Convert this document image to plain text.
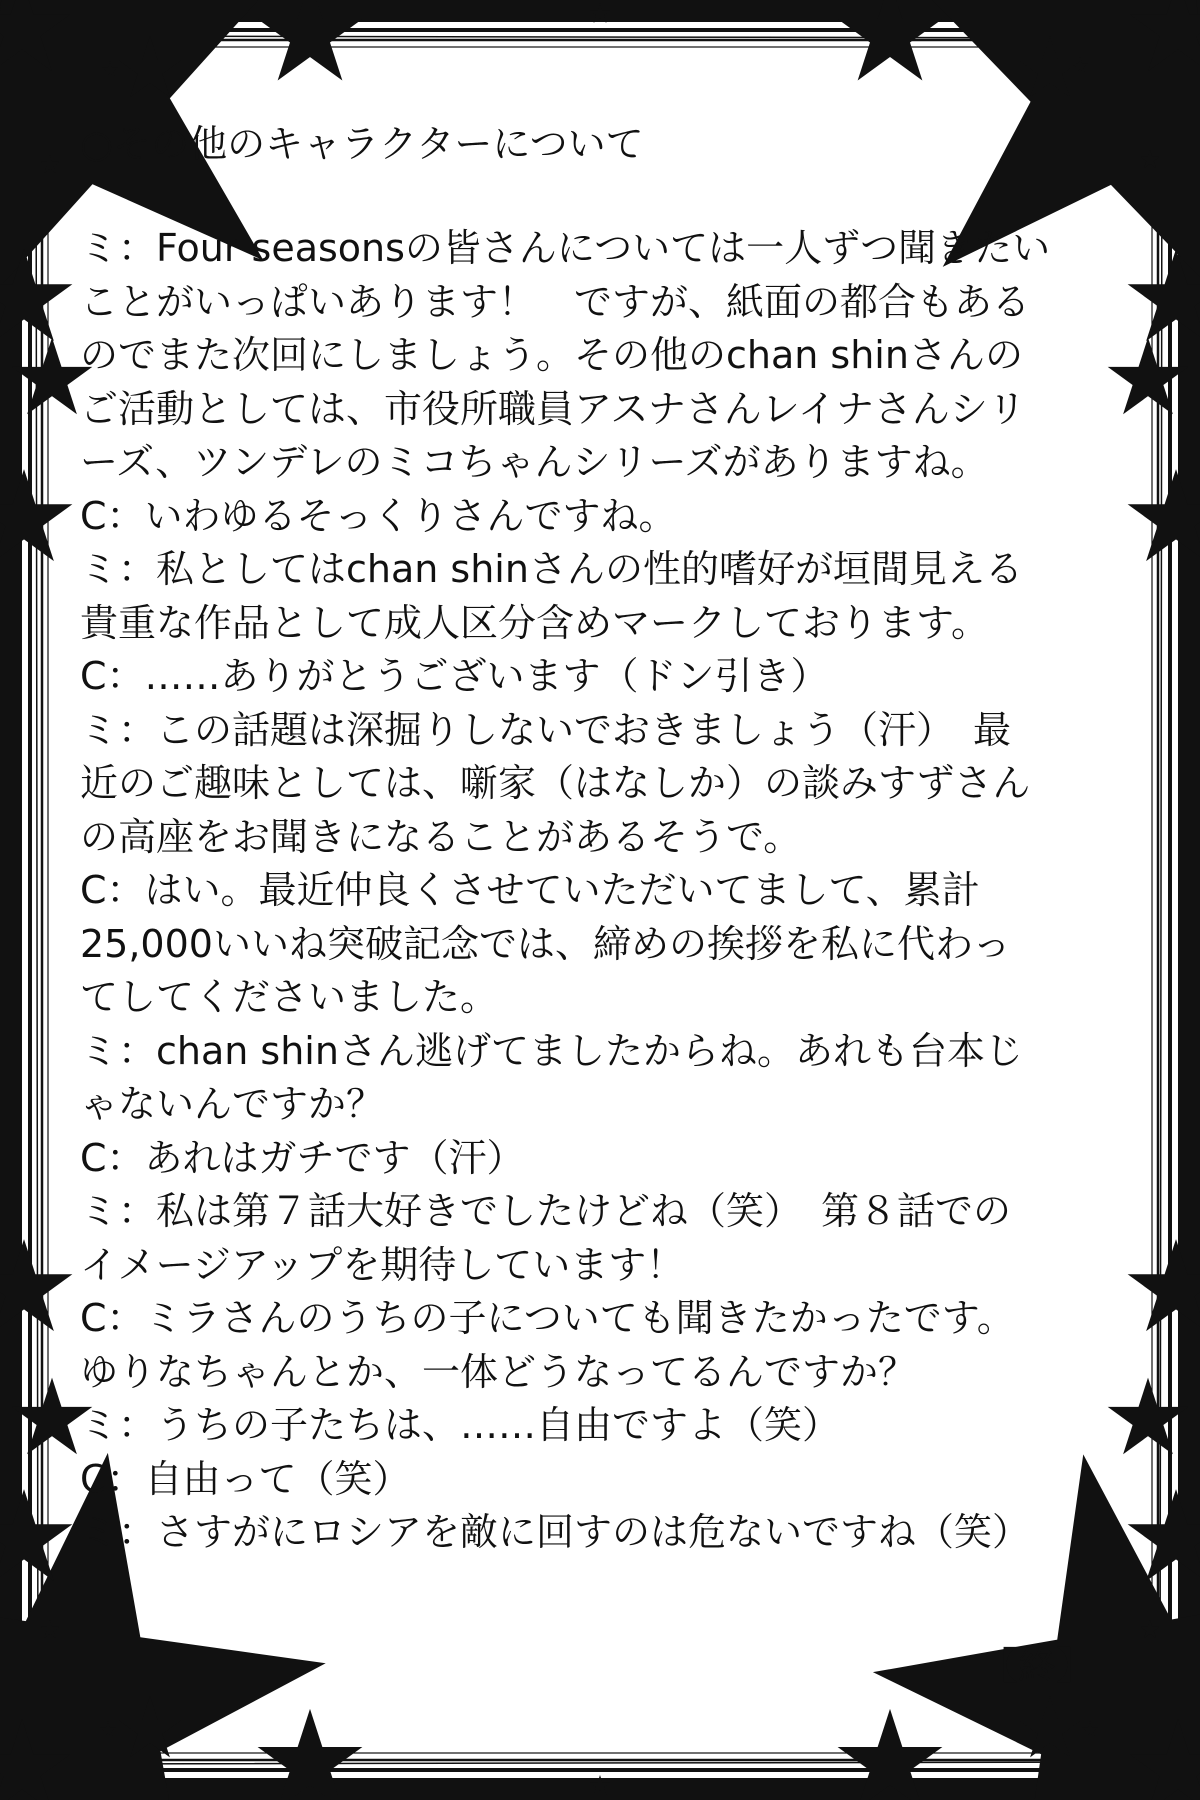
○その他のキャラクターについて

ミ：Four seasonsの皆さんについては一人ずつ聞きたい

ことがいっぱいあります！　ですが、紙面の都合もある

のでまた次回にしましょう。その他のchan shinさんの

ご活動としては、市役所職員アスナさんレイナさんシリ

ーズ、ツンデレのミコちゃんシリーズがありますね。

C：いわゆるそっくりさんですね。

ミ：私としてはchan shinさんの性的嗜好が垣間見える

貴重な作品として成人区分含めマークしております。

C：……ありがとうございます（ドン引き）

ミ：この話題は深掘りしないでおきましょう（汗）　最

近のご趣味としては、噺家（はなしか）の談みすずさん

の高座をお聞きになることがあるそうで。

C：はい。最近仲良くさせていただいてまして、累計

25,000いいね突破記念では、締めの挨拶を私に代わっ

てしてくださいました。

ミ：chan shinさん逃げてましたからね。あれも台本じ

ゃないんですか？

C：あれはガチです（汗）

ミ：私は第７話大好きでしたけどね（笑）　第８話での

イメージアップを期待しています！

C：ミラさんのうちの子についても聞きたかったです。

ゆりなちゃんとか、一体どうなってるんですか？

ミ：うちの子たちは、……自由ですよ（笑）

C：自由って（笑）

ミ：さすがにロシアを敵に回すのは危ないですね（笑）

【終】
